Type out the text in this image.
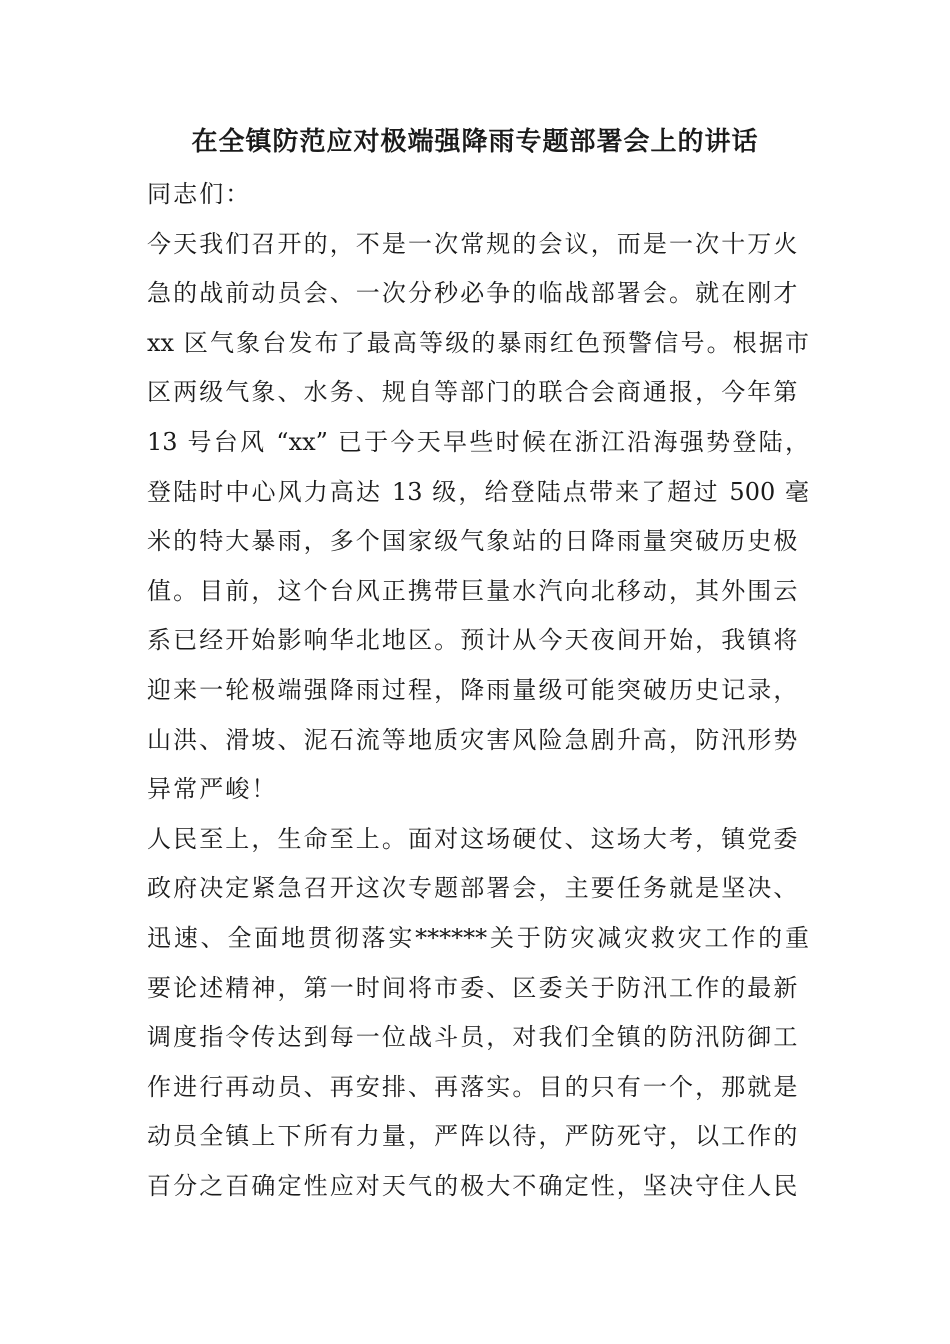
在全镇防范应对极端强降雨专题部署会上的讲话
同志们：
今天我们召开的，不是一次常规的会议，而是一次十万火
急的战前动员会、一次分秒必争的临战部署会。就在刚才
xx 区气象台发布了最高等级的暴雨红色预警信号。根据市
区两级气象、水务、规自等部门的联合会商通报，今年第
13 号台风 “xx” 已于今天早些时候在浙江沿海强势登陆，
登陆时中心风力高达 13 级，给登陆点带来了超过 500 毫
米的特大暴雨，多个国家级气象站的日降雨量突破历史极
值。目前，这个台风正携带巨量水汽向北移动，其外围云
系已经开始影响华北地区。预计从今天夜间开始，我镇将
迎来一轮极端强降雨过程，降雨量级可能突破历史记录，
山洪、滑坡、泥石流等地质灾害风险急剧升高，防汛形势
异常严峻！
人民至上，生命至上。面对这场硬仗、这场大考，镇党委
政府决定紧急召开这次专题部署会，主要任务就是坚决、
迅速、全面地贯彻落实******关于防灾减灾救灾工作的重
要论述精神，第一时间将市委、区委关于防汛工作的最新
调度指令传达到每一位战斗员，对我们全镇的防汛防御工
作进行再动员、再安排、再落实。目的只有一个，那就是
动员全镇上下所有力量，严阵以待，严防死守，以工作的
百分之百确定性应对天气的极大不确定性，坚决守住人民
